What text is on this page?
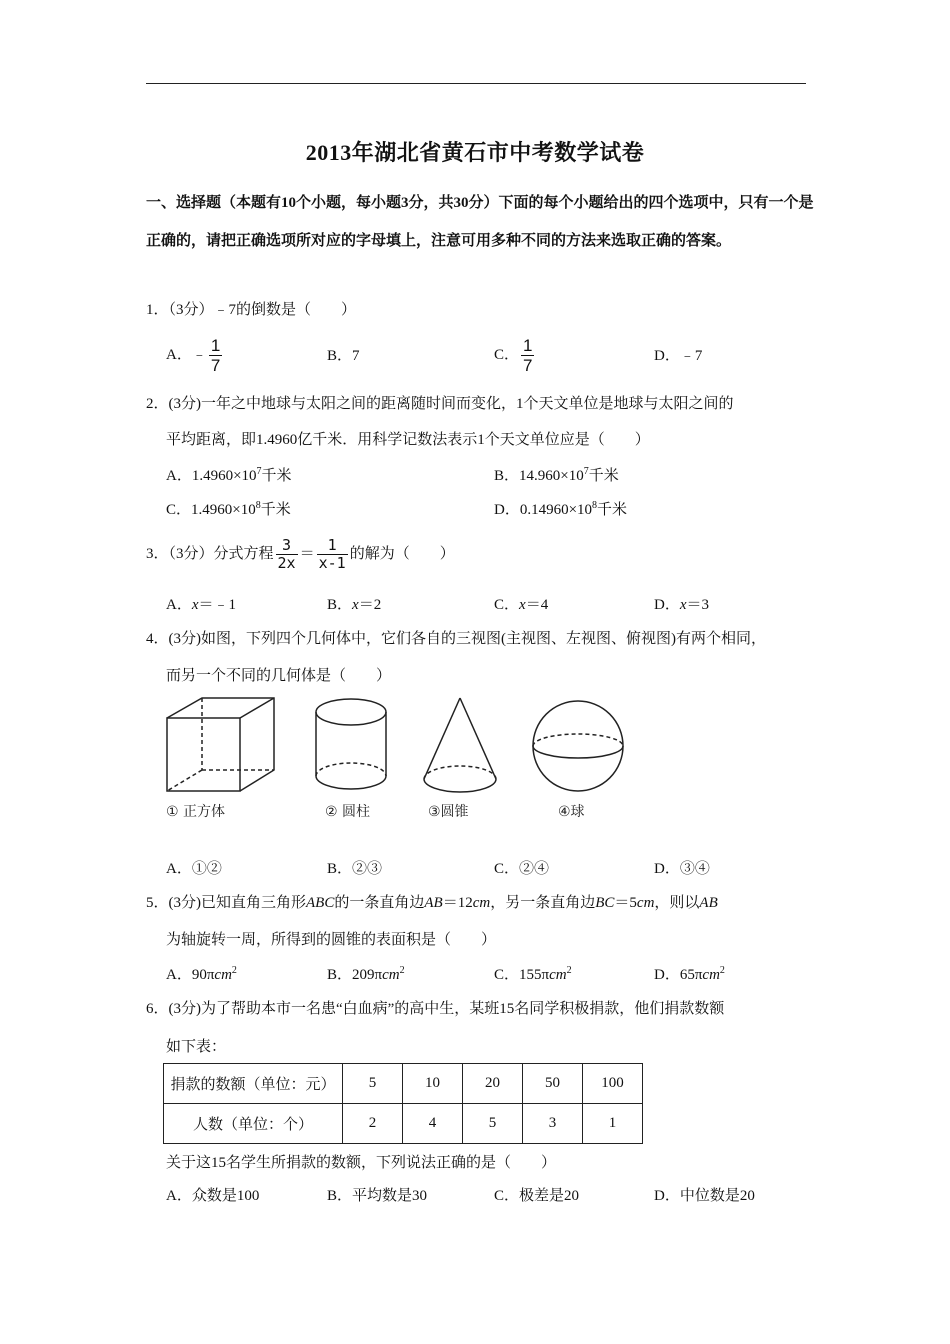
2013年湖北省黄石市中考数学试卷
一、选择题（本题有10个小题，每小题3分，共30分）下面的每个小题给出的四个选项中，只有一个是正确的，请把正确选项所对应的字母填上，注意可用多种不同的方法来选取正确的答案。
1．（3分）﹣7的倒数是（　　）
A．﹣ $\frac{1}{7}$	B．7	C． $\frac{1}{7}$	D．﹣7
2．(3分)一年之中地球与太阳之间的距离随时间而变化，1个天文单位是地球与太阳之间的
平均距离，即1.4960亿千米．用科学记数法表示1个天文单位应是（　　）
A．$1.4960\times 10^7$千米	B．$14.960\times 10^7$千米
C．$1.4960\times 10^8$千米	D．$0.14960\times 10^8$千米
3．（3分）分式方程 $\frac{3}{2x} = \frac{1}{x-1}$ 的解为（　　）
A．x＝﹣1	B．x＝2	C．x＝4	D．x＝3
4．(3分)如图，下列四个几何体中，它们各自的三视图(主视图、左视图、俯视图)有两个相同，
而另一个不同的几何体是（　　）
① 正方体	② 圆柱	③圆锥	④球
A．①②	B．②③	C．②④	D．③④
5．(3分)已知直角三角形ABC的一条直角边AB＝12cm，另一条直角边BC＝5cm，则以AB
为轴旋转一周，所得到的圆锥的表面积是（　　）
A．90πcm$^2$	B．209πcm$^2$	C．155πcm$^2$	D．65πcm$^2$
6．(3分)为了帮助本市一名患“白血病”的高中生，某班15名同学积极捐款，他们捐款数额
如下表：
捐款的数额（单位：元）	5	10	20	50	100
人数（单位：个）	2	4	5	3	1
关于这15名学生所捐款的数额，下列说法正确的是（　　）
A．众数是100	B．平均数是30	C．极差是20	D．中位数是20
